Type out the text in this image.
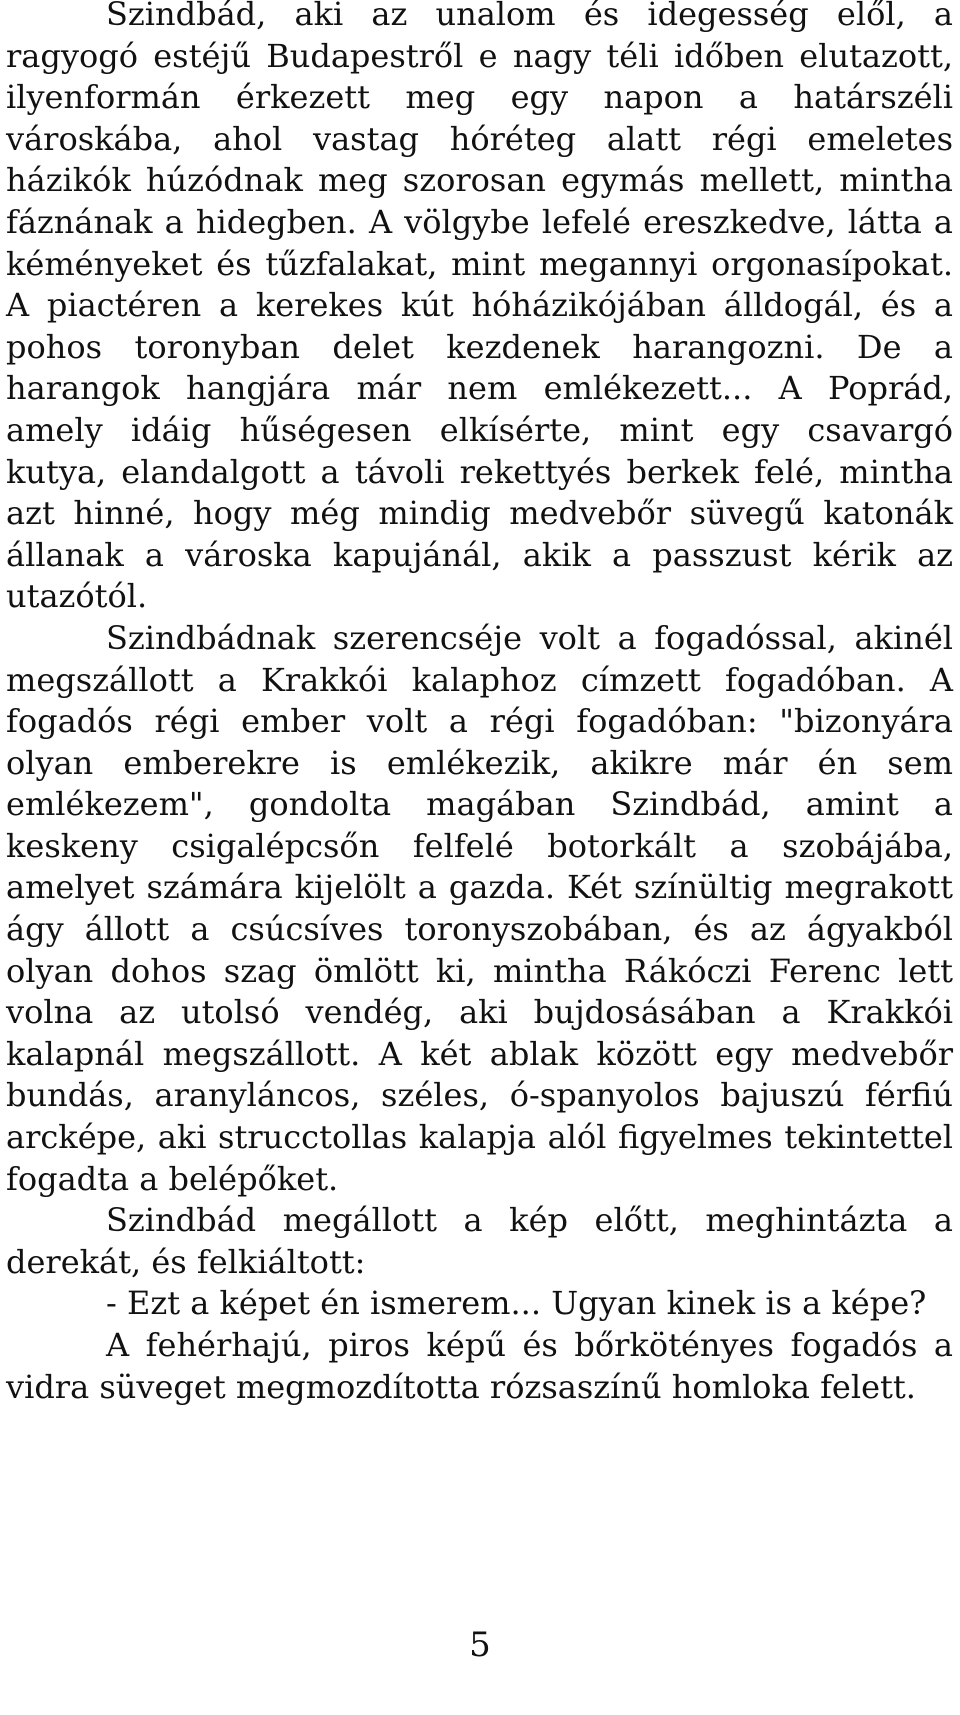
Szindbád, aki az unalom és idegesség elől, a ragyogó estéjű Budapestről e nagy téli időben elutazott, ilyenformán érkezett meg egy napon a határszéli városkába, ahol vastag hóréteg alatt régi emeletes házikók húzódnak meg szorosan egymás mellett, mintha fáznának a hidegben. A völgybe lefelé ereszkedve, látta a kéményeket és tűzfalakat, mint megannyi orgonasípokat. A piactéren a kerekes kút hóházikójában álldogál, és a pohos toronyban delet kezdenek harangozni. De a harangok hangjára már nem emlékezett... A Poprád, amely idáig hűségesen elkísérte, mint egy csavargó kutya, elandalgott a távoli rekettyés berkek felé, mintha azt hinné, hogy még mindig medvebőr süvegű katonák állanak a városka kapujánál, akik a passzust kérik az utazótól.

Szindbádnak szerencséje volt a fogadóssal, akinél megszállott a Krakkói kalaphoz címzett fogadóban. A fogadós régi ember volt a régi fogadóban: "bizonyára olyan emberekre is emlékezik, akikre már én sem emlékezem", gondolta magában Szindbád, amint a keskeny csigalépcsőn felfelé botorkált a szobájába, amelyet számára kijelölt a gazda. Két színültig megrakott ágy állott a csúcsíves toronyszobában, és az ágyakból olyan dohos szag ömlött ki, mintha Rákóczi Ferenc lett volna az utolsó vendég, aki bujdosásában a Krakkói kalapnál megszállott. A két ablak között egy medvebőr bundás, aranyláncos, széles, ó-spanyolos bajuszú férfiú arcképe, aki strucctollas kalapja alól figyelmes tekintettel fogadta a belépőket.

Szindbád megállott a kép előtt, meghintázta a derekát, és felkiáltott:

- Ezt a képet én ismerem... Ugyan kinek is a képe?

A fehérhajú, piros képű és bőrkötényes fogadós a vidra süveget megmozdította rózsaszínű homloka felett.

5
